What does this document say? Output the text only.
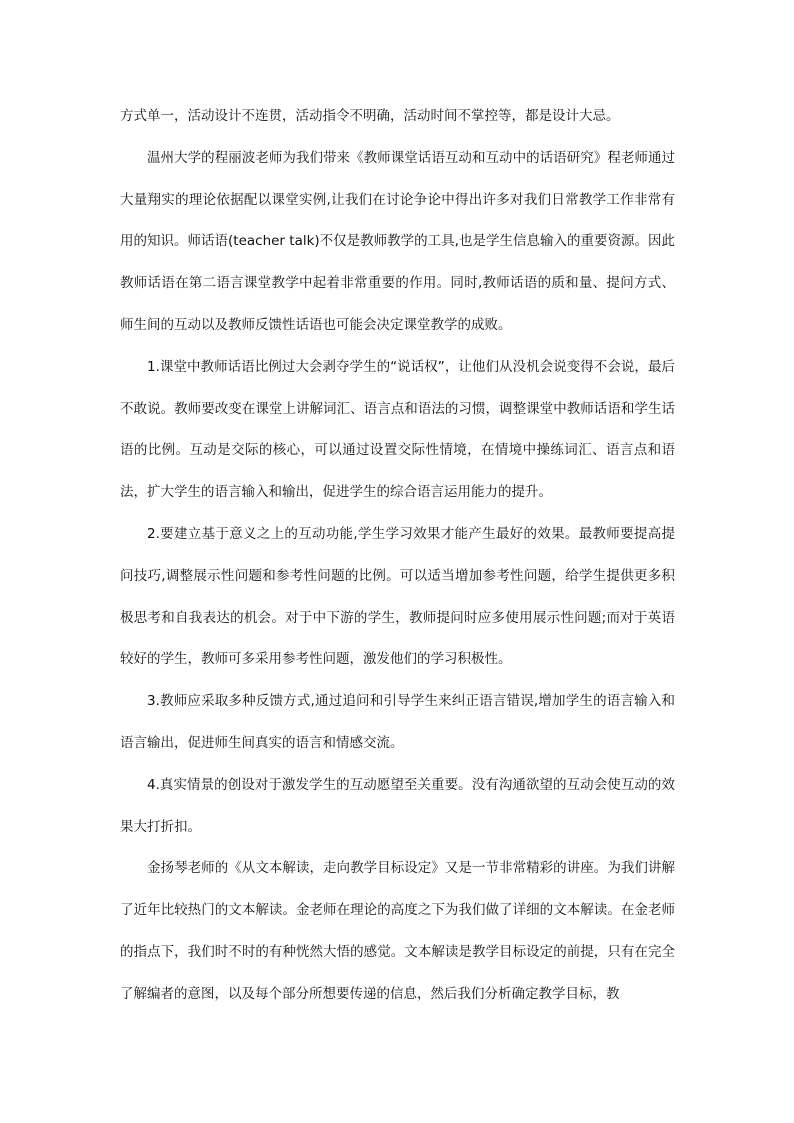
方式单一，活动设计不连贯，活动指令不明确，活动时间不掌控等，都是设计大忌。

温州大学的程丽波老师为我们带来《教师课堂话语互动和互动中的话语研究》程老师通过大量翔实的理论依据配以课堂实例,让我们在讨论争论中得出许多对我们日常教学工作非常有用的知识。师话语(teacher talk)不仅是教师教学的工具,也是学生信息输入的重要资源。因此教师话语在第二语言课堂教学中起着非常重要的作用。同时,教师话语的质和量、提问方式、师生间的互动以及教师反馈性话语也可能会决定课堂教学的成败。

1.课堂中教师话语比例过大会剥夺学生的“说话权”，让他们从没机会说变得不会说，最后不敢说。教师要改变在课堂上讲解词汇、语言点和语法的习惯，调整课堂中教师话语和学生话语的比例。互动是交际的核心，可以通过设置交际性情境，在情境中操练词汇、语言点和语法，扩大学生的语言输入和输出，促进学生的综合语言运用能力的提升。

2.要建立基于意义之上的互动功能,学生学习效果才能产生最好的效果。最教师要提高提问技巧,调整展示性问题和参考性问题的比例。可以适当增加参考性问题，给学生提供更多积极思考和自我表达的机会。对于中下游的学生，教师提问时应多使用展示性问题;而对于英语较好的学生，教师可多采用参考性问题，激发他们的学习积极性。

3.教师应采取多种反馈方式,通过追问和引导学生来纠正语言错误,增加学生的语言输入和语言输出，促进师生间真实的语言和情感交流。

4.真实情景的创设对于激发学生的互动愿望至关重要。没有沟通欲望的互动会使互动的效果大打折扣。

金扬琴老师的《从文本解读，走向教学目标设定》又是一节非常精彩的讲座。为我们讲解了近年比较热门的文本解读。金老师在理论的高度之下为我们做了详细的文本解读。在金老师的指点下，我们时不时的有种恍然大悟的感觉。文本解读是教学目标设定的前提，只有在完全了解编者的意图，以及每个部分所想要传递的信息，然后我们分析确定教学目标，教
